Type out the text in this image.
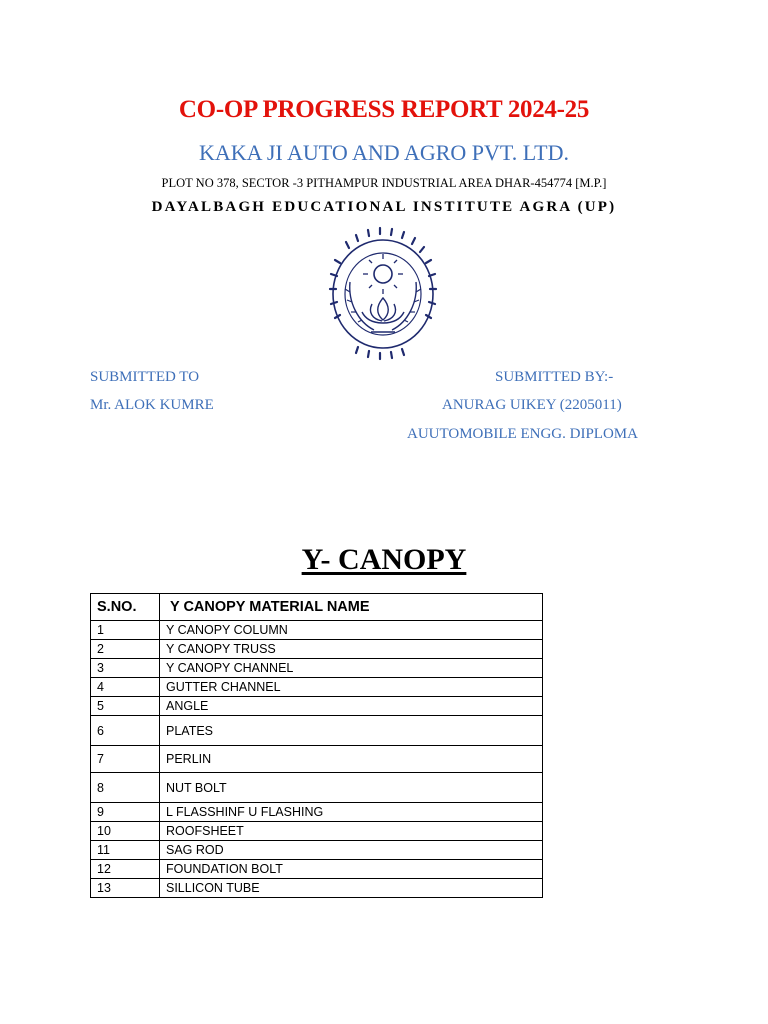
CO-OP PROGRESS REPORT 2024-25
KAKA JI AUTO AND AGRO PVT. LTD.
PLOT NO 378, SECTOR -3 PITHAMPUR INDUSTRIAL AREA DHAR-454774 [M.P.]
DAYALBAGH EDUCATIONAL INSTITUTE AGRA (UP)
SUBMITTED TO
Mr. ALOK KUMRE
SUBMITTED BY:-
ANURAG UIKEY (2205011)
AUUTOMOBILE ENGG. DIPLOMA
Y- CANOPY
S.NO.	Y CANOPY MATERIAL NAME
1	Y CANOPY COLUMN
2	Y CANOPY TRUSS
3	Y CANOPY CHANNEL
4	GUTTER CHANNEL
5	ANGLE
6	PLATES
7	PERLIN
8	NUT BOLT
9	L FLASSHINF U FLASHING
10	ROOFSHEET
11	SAG ROD
12	FOUNDATION BOLT
13	SILLICON TUBE
